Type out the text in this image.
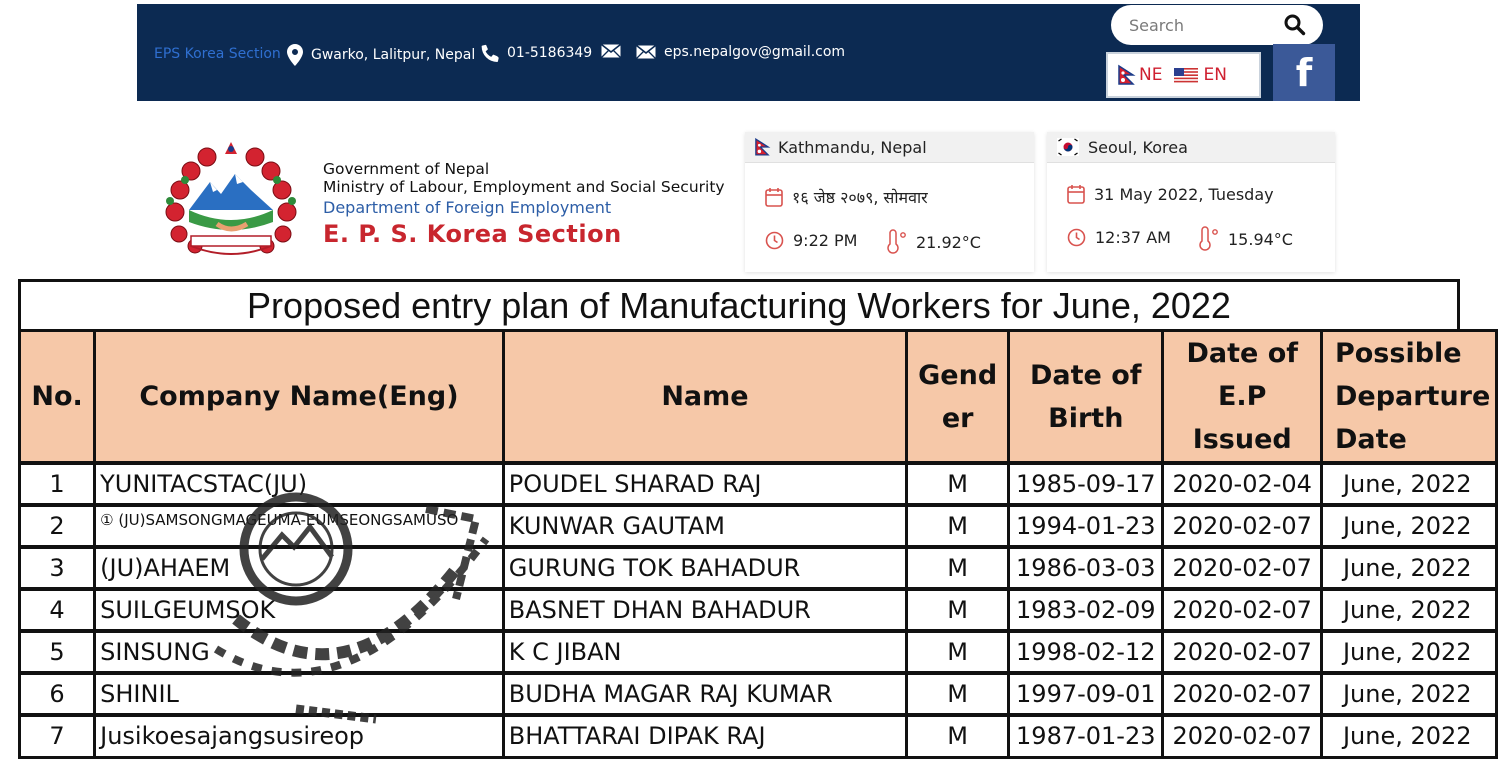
EPS Korea Section Gwarko, Lalitpur, Nepal 01-5186349	eps.nepalgov@gmail.com
Search
NE EN f
Government of Nepal
Ministry of Labour, Employment and Social Security
Department of Foreign Employment
E. P. S. Korea Section
Kathmandu, Nepal
१६ जेष्ठ २०७९, सोमवार
9:22 PM	21.92°C
Seoul, Korea
31 May 2022, Tuesday
12:37 AM	15.94°C
Proposed entry plan of Manufacturing Workers for June, 2022
No.	Company Name(Eng)	Name	Gend er	Date of Birth	Date of E.P Issued	Possible Departure Date
1	YUNITACSTAC(JU)	POUDEL SHARAD RAJ	M	1985-09-17	2020-02-04	June, 2022
2	① (JU)SAMSONGMAGEUMA-EUMSEONGSAMUSO	KUNWAR GAUTAM	M	1994-01-23	2020-02-07	June, 2022
3	(JU)AHAEM	GURUNG TOK BAHADUR	M	1986-03-03	2020-02-07	June, 2022
4	SUILGEUMSOK	BASNET DHAN BAHADUR	M	1983-02-09	2020-02-07	June, 2022
5	SINSUNG	K C JIBAN	M	1998-02-12	2020-02-07	June, 2022
6	SHINIL	BUDHA MAGAR RAJ KUMAR	M	1997-09-01	2020-02-07	June, 2022
7	Jusikoesajangsusireop	BHATTARAI DIPAK RAJ	M	1987-01-23	2020-02-07	June, 2022
